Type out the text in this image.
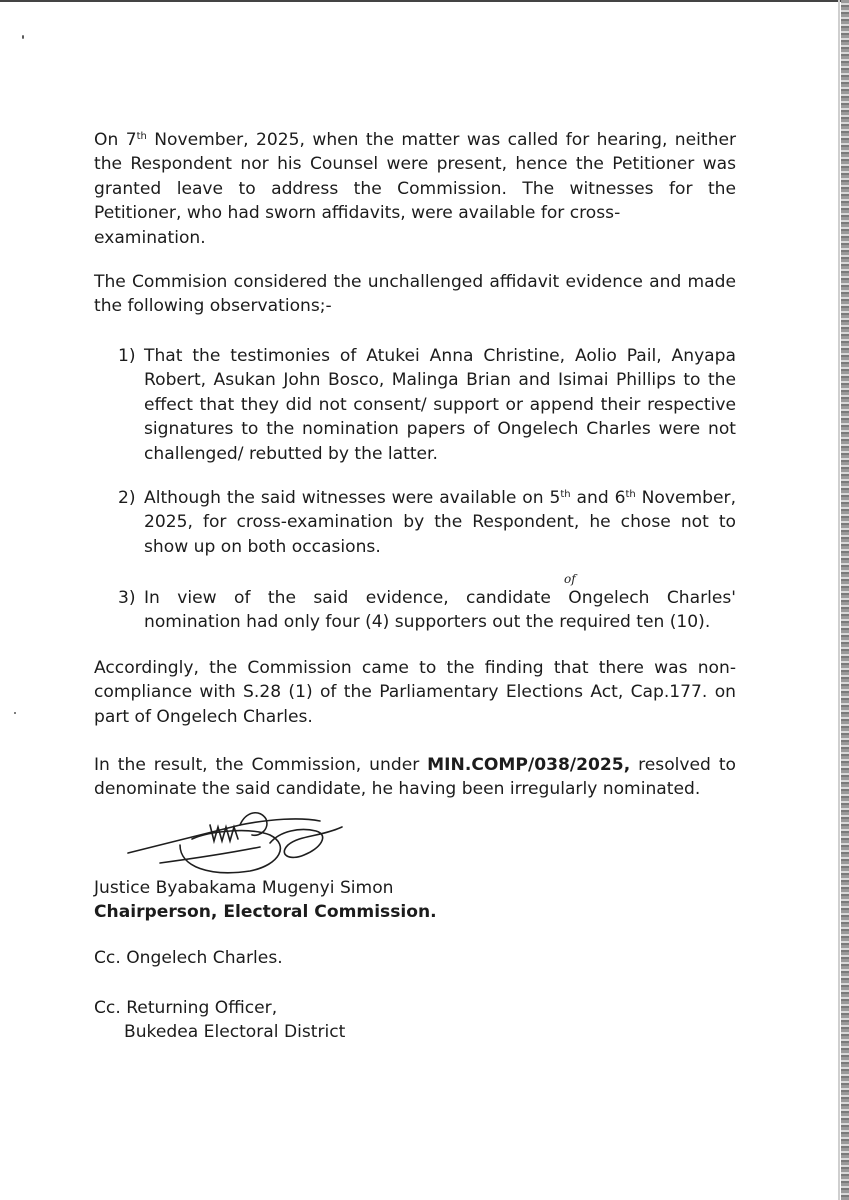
On 7th November, 2025, when the matter was called for hearing, neither the Respondent nor his Counsel were present, hence the Petitioner was granted leave to address the Commission. The witnesses for the Petitioner, who had sworn affidavits, were available for cross-
examination.

The Commision considered the unchallenged affidavit evidence and made the following observations;-

1) That the testimonies of Atukei Anna Christine, Aolio Pail, Anyapa Robert, Asukan John Bosco, Malinga Brian and Isimai Phillips to the effect that they did not consent/ support or append their respective signatures to the nomination papers of Ongelech Charles were not challenged/ rebutted by the latter.

2) Although the said witnesses were available on 5th and 6th November, 2025, for cross-examination by the Respondent, he chose not to show up on both occasions.

3) In view of the said evidence, candidate Ongelech Charles' nomination had only four (4) supporters out the required ten (10).

of

Accordingly, the Commission came to the finding that there was non-compliance with S.28 (1) of the Parliamentary Elections Act, Cap.177. on part of Ongelech Charles.

In the result, the Commission, under MIN.COMP/038/2025, resolved to denominate the said candidate, he having been irregularly nominated.

Justice Byabakama Mugenyi Simon
Chairperson, Electoral Commission.
Cc. Ongelech Charles.
Cc. Returning Officer,
Bukedea Electoral District
